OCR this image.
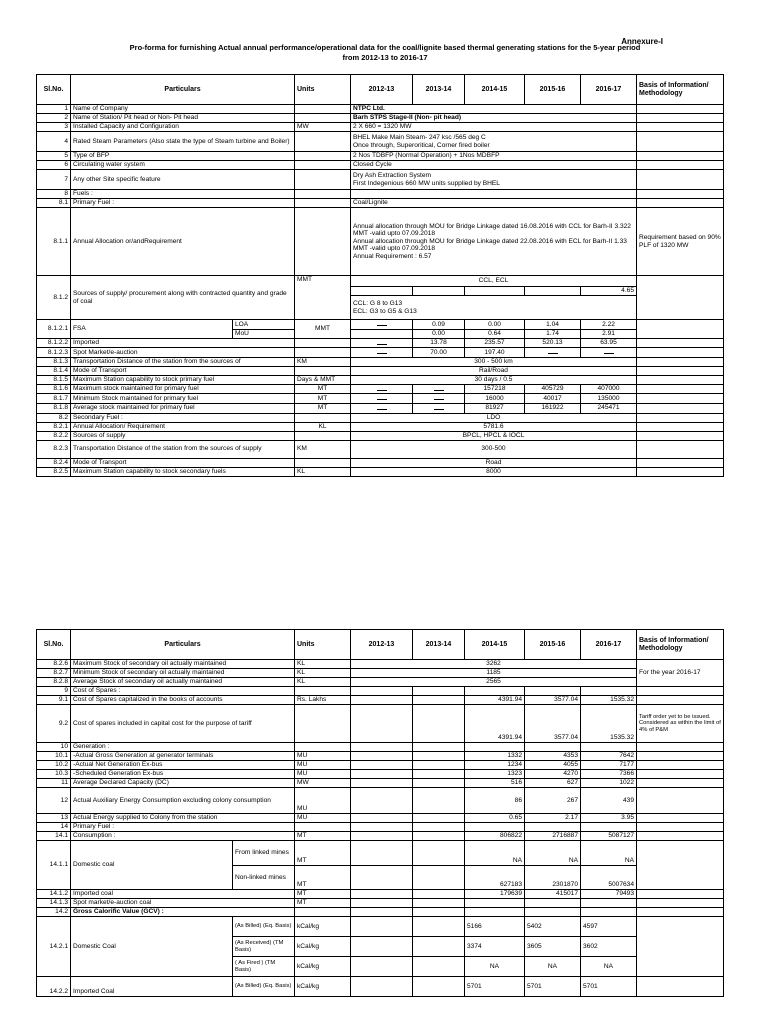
Annexure-I
Pro-forma for furnishing Actual annual performance/operational data for the coal/lignite based thermal generating stations for the 5-year period
from 2012-13 to 2016-17
Sl.No.	Particulars		Units	2012-13	2013-14	2014-15	2015-16	2016-17	Basis of Information/ Methodology
1	Name of Company			NTPC Ltd.					
2	Name of Station/ Pit head or Non- Pit head			Barh STPS Stage-II (Non- pit head)					
3	Installed Capacity and Configuration		MW	2 X 660 = 1320 MW					
4	Rated Steam Parameters (Also state the type of Steam turbine and Boiler)			BHEL Make Main Steam- 247 ksc /565 deg C
Once through, Superoritical, Corner fired boiler					

5	Type of BFP			2 Nos TDBFP (Normal Operation) + 1Nos MDBFP					
6	Circulating water system			Closed Cycle					
7	Any other Site specific feature			Dry Ash Extraction System
First Indegenious 660 MW units supplied by BHEL					

8	Fuels :								
8.1	Primary Fuel :			Coal/Lignite					
8.1.1	Annual Allocation or/andRequirement			Annual allocation through MOU for Bridge Linkage dated 16.08.2016 with CCL for Barh-II 3.322 MMT -valid upto 07.09.2018
Annual allocation through MOU for Bridge Linkage dated 22.08.2016 with ECL for Barh-II 1.33 MMT -valid upto 07.09.2018
Annual Requirement : 6.57					Requirement based on 90% PLF of 1320 MW
8.1.2	Sources of supply/ procurement along with contracted quantity and grade of coal		MMT	CCL, ECL					
								4.65	

				CCL: G 8 to G13
ECL: G3 to G5 & G13					

8.1.2.1	FSA	LOA	MMT		0.09	0.00	1.04	2.22	
		MoU			0.00	0.64	1.74	2.91	
8.1.2.2	Imported				13.78	235.57	520.13	63.95	
8.1.2.3	Spot Market/e-auction				70.00	197.40			
8.1.3	Transportation Distance of the station from the sources of		KM	300 - 500 km					
8.1.4	Mode of Transport			Rail/Road					
8.1.5	Maximum Station capability to stock primary fuel		Days & MMT	30 days / 0.5					
8.1.6	Maximum stock maintained for primary fuel		MT			157218	405729	407000	
8.1.7	Minimum Stock maintained for primary fuel		MT			16000	40017	135000	
8.1.8	Average stock maintained for primary fuel		MT			81927	161922	245471	
8.2	Secondary Fuel :			LDO					
8.2.1	Annual Allocation/ Requirement		KL	5781.6					
8.2.2	Sources of supply			BPCL, HPCL & IOCL					
8.2.3	Transportation Distance of the station from the sources of supply		KM	300-500					
8.2.4	Mode of Transport			Road					
8.2.5	Maximum Station capability to stock secondary fuels		KL	8000					
Sl.No.	Particulars		Units	2012-13	2013-14	2014-15	2015-16	2016-17	Basis of Information/ Methodology
8.2.6	Maximum Stock of secondary oil actually maintained		KL	3262					For the year 2016-17
8.2.7	Minimum Stock of secondary oil actually maintained		KL	1185					
8.2.8	Average Stock of secondary oil actually maintained		KL	2565					
9	Cost of Spares :								
9.1	Cost of Spares capitalized in the books of accounts		Rs. Lakhs			4391.94	3577.04	1535.32	
9.2	Cost of spares included in capital cost for the purpose of tariff					4391.94	3577.04	1535.32	Tariff order yet to be issued. Considered as within the limit of 4% of P&M
10	Generation :								
10.1	-Actual Gross Generation at generator terminals		MU			1332	4353	7642	
10.2	-Actual Net Generation Ex-bus		MU			1234	4055	7177	
10.3	-Scheduled Generation Ex-bus		MU			1323	4270	7366	
11	Average Declared Capacity (DC)		MW			516	627	1022	
12	Actual Auxiliary Energy Consumption excluding colony consumption		MU			86	267	439	
13	Actual Energy supplied to Colony from the station		MU			0.65	2.17	3.95	
14	Primary Fuel :								
14.1	Consumption :		MT			806822	2716887	5087127	
14.1.1	Domestic coal	From linked mines	MT			NA	NA	NA	
		Non-linked mines	MT			627183	2301870	5007634	
14.1.2	Imported coal		MT			179639	415017	79493	
14.1.3	Spot market/e-auction coal		MT						
14.2	Gross Calorific Value (GCV) :								
14.2.1	Domestic Coal	(As Billed) (Eq. Basis)	kCal/kg			5166	5402	4597	
		(As Received) (TM Basis)	kCal/kg			3374	3605	3602	
		( As Fired ) (TM Basis)	kCal/kg			NA	NA	NA	
14.2.2	Imported Coal	(As Billed) (Eq. Basis)	kCal/kg			5701	5701	5701	
